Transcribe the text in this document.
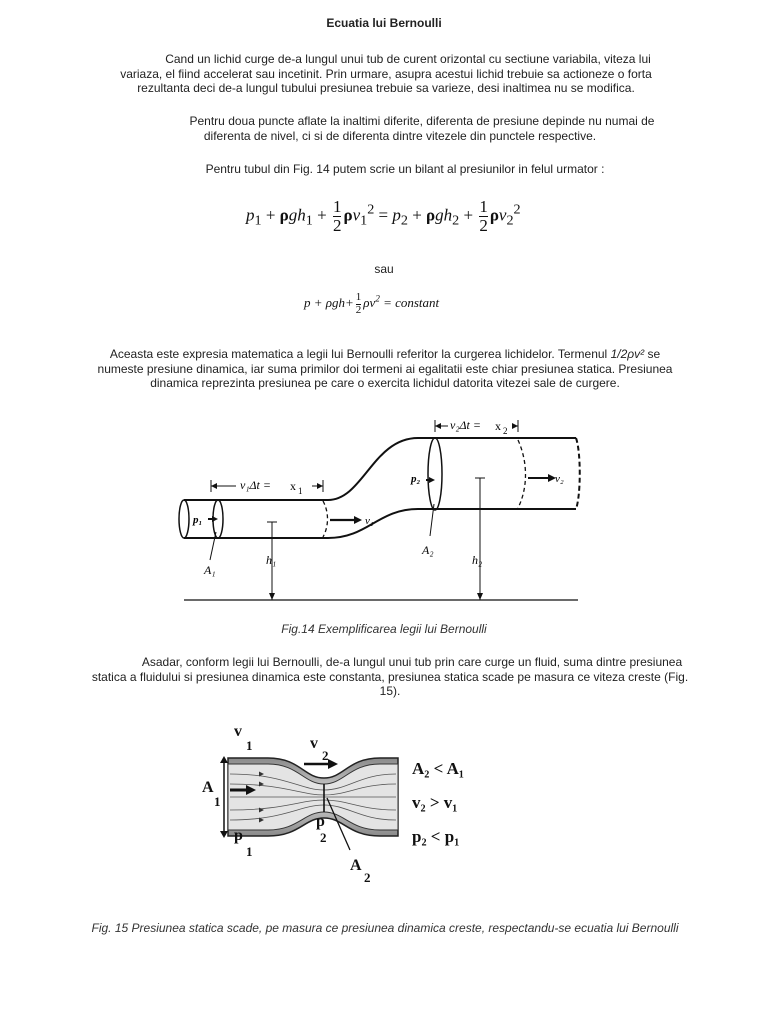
Ecuatia lui Bernoulli
Cand un lichid curge de-a lungul unui tub de curent orizontal cu sectiune variabila, viteza lui variaza, el fiind accelerat sau incetinit. Prin urmare, asupra acestui lichid trebuie sa actioneze o forta rezultanta deci de-a lungul tubului presiunea trebuie sa varieze, desi inaltimea nu se modifica.
Pentru doua puncte aflate la inaltimi diferite, diferenta de presiune depinde nu numai de diferenta de nivel, ci si de diferenta dintre vitezele din punctele respective.
Pentru tubul din Fig. 14 putem scrie un bilant al presiunilor in felul urmator :
$p_1 + \rho gh_1 + \frac{1}{2} \rho v_1^2 = p_2 + \rho gh_2 + \frac{1}{2} \rho v_2^2$
sau
$p + \rho gh+ \frac{1}{2} \rho v^2$ = constant
Aceasta este expresia matematica a legii lui Bernoulli referitor la curgerea lichidelor. Termenul 1/2ρv² se numeste presiune dinamica, iar suma primilor doi termeni ai egalitatii este chiar presiunea statica. Presiunea dinamica reprezinta presiunea pe care o exercita lichidul datorita vitezei sale de curgere.
v₁Δt = x 1
v₂Δt = x 2
p₁	v₁
p₂	v₂
A₁
A₂
h₁	h₂
Fig.14 Exemplificarea legii lui Bernoulli
Asadar, conform legii lui Bernoulli, de-a lungul unui tub prin care curge un fluid, suma dintre presiunea statica a fluidului si presiunea dinamica este constanta, presiunea statica scade pe masura ce viteza creste (Fig. 15).
v
1	v
2
A
1
p
1
p
2
A
2
A₂ < A₁
v₂ > v₁
p₂ < p₁
Fig. 15 Presiunea statica scade, pe masura ce presiunea dinamica creste, respectandu-se ecuatia lui Bernoulli
